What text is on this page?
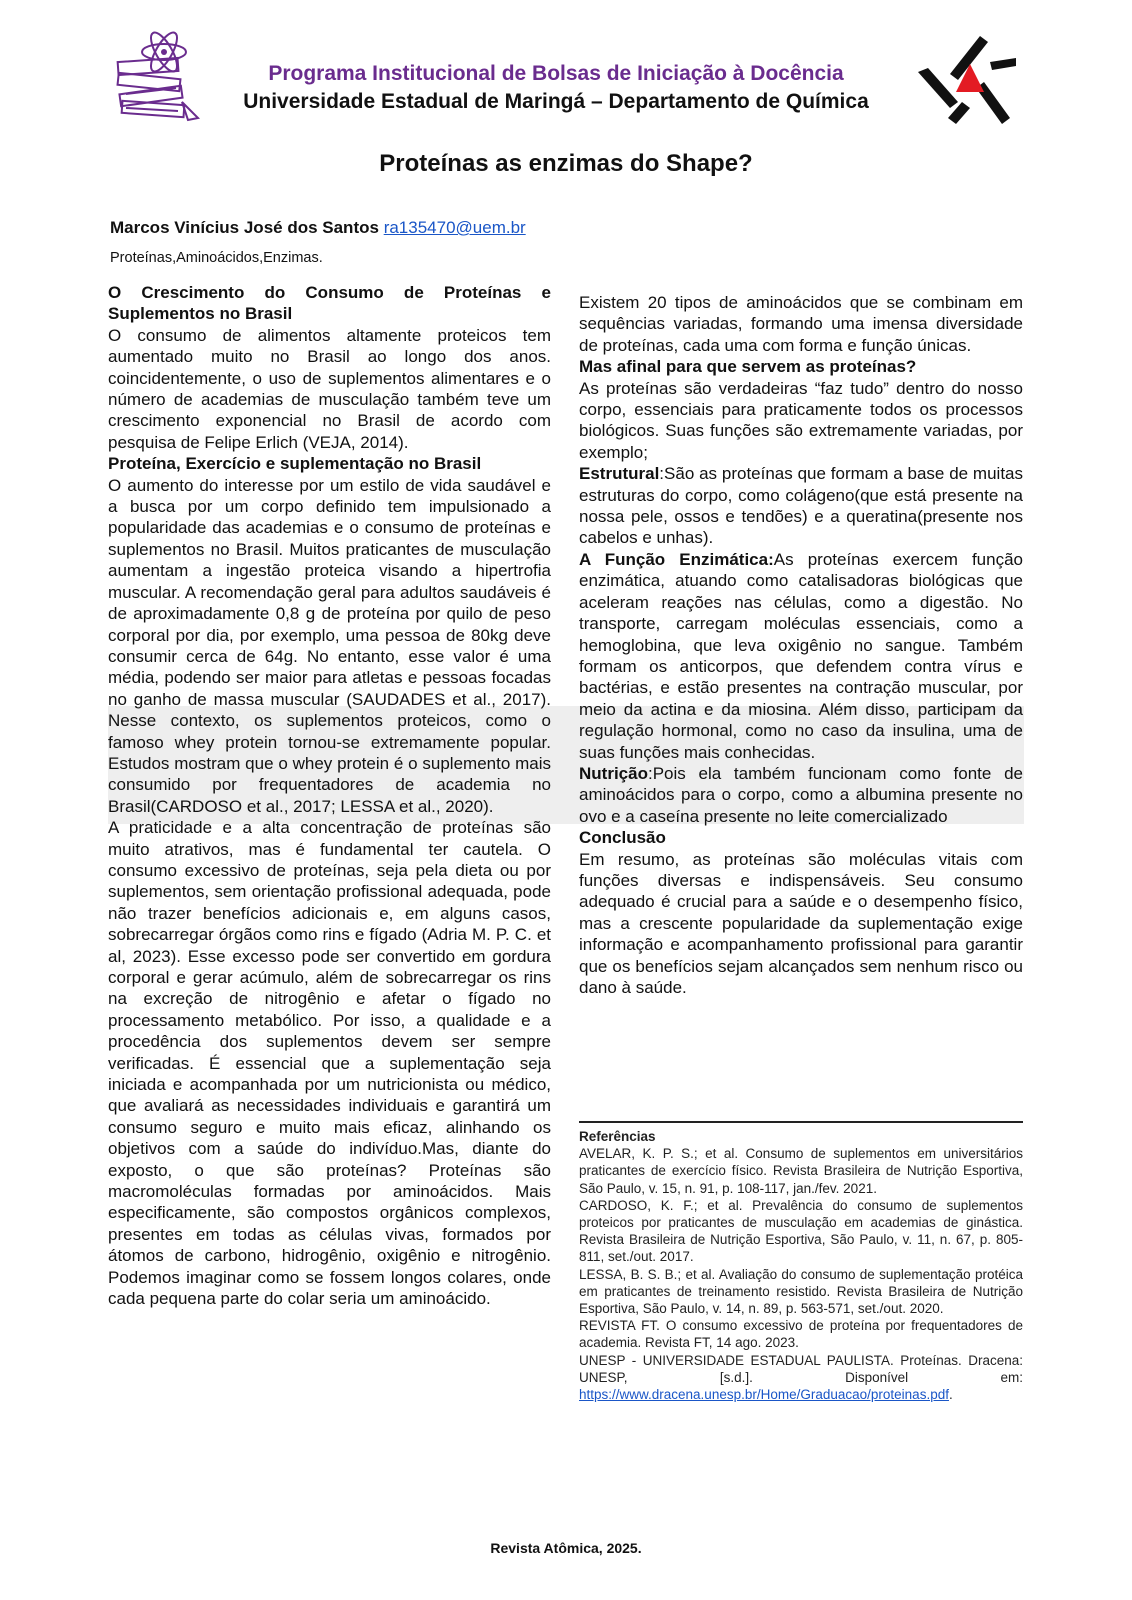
Programa Institucional de Bolsas de Iniciação à Docência
Universidade Estadual de Maringá – Departamento de Química
Proteínas as enzimas do Shape?
Marcos Vinícius José dos Santos ra135470@uem.br
Proteínas,Aminoácidos,Enzimas.

O Crescimento do Consumo de Proteínas e Suplementos no Brasil

O consumo de alimentos altamente proteicos tem aumentado muito no Brasil ao longo dos anos. coincidentemente, o uso de suplementos alimentares e o número de academias de musculação também teve um crescimento exponencial no Brasil de acordo com pesquisa de Felipe Erlich (VEJA, 2014).

Proteína, Exercício e suplementação no Brasil

O aumento do interesse por um estilo de vida saudável e a busca por um corpo definido tem impulsionado a popularidade das academias e o consumo de proteínas e suplementos no Brasil. Muitos praticantes de musculação aumentam a ingestão proteica visando a hipertrofia muscular. A recomendação geral para adultos saudáveis é de aproximadamente 0,8 g de proteína por quilo de peso corporal por dia, por exemplo, uma pessoa de 80kg deve consumir cerca de 64g. No entanto, esse valor é uma média, podendo ser maior para atletas e pessoas focadas no ganho de massa muscular (SAUDADES et al., 2017). Nesse contexto, os suplementos proteicos, como o famoso whey protein tornou-se extremamente popular. Estudos mostram que o whey protein é o suplemento mais consumido por frequentadores de academia no Brasil(CARDOSO et al., 2017; LESSA et al., 2020).

A praticidade e a alta concentração de proteínas são muito atrativos, mas é fundamental ter cautela. O consumo excessivo de proteínas, seja pela dieta ou por suplementos, sem orientação profissional adequada, pode não trazer benefícios adicionais e, em alguns casos, sobrecarregar órgãos como rins e fígado (Adria M. P. C. et al, 2023). Esse excesso pode ser convertido em gordura corporal e gerar acúmulo, além de sobrecarregar os rins na excreção de nitrogênio e afetar o fígado no processamento metabólico. Por isso, a qualidade e a procedência dos suplementos devem ser sempre verificadas. É essencial que a suplementação seja iniciada e acompanhada por um nutricionista ou médico, que avaliará as necessidades individuais e garantirá um consumo seguro e muito mais eficaz, alinhando os objetivos com a saúde do indivíduo.Mas, diante do exposto, o que são proteínas? Proteínas são macromoléculas formadas por aminoácidos. Mais especificamente, são compostos orgânicos complexos, presentes em todas as células vivas, formados por átomos de carbono, hidrogênio, oxigênio e nitrogênio. Podemos imaginar como se fossem longos colares, onde cada pequena parte do colar seria um aminoácido.

Existem 20 tipos de aminoácidos que se combinam em sequências variadas, formando uma imensa diversidade de proteínas, cada uma com forma e função únicas.

Mas afinal para que servem as proteínas?

As proteínas são verdadeiras “faz tudo” dentro do nosso corpo, essenciais para praticamente todos os processos biológicos. Suas funções são extremamente variadas, por exemplo;

Estrutural:São as proteínas que formam a base de muitas estruturas do corpo, como colágeno(que está presente na nossa pele, ossos e tendões) e a queratina(presente nos cabelos e unhas).

A Função Enzimática:As proteínas exercem função enzimática, atuando como catalisadoras biológicas que aceleram reações nas células, como a digestão. No transporte, carregam moléculas essenciais, como a hemoglobina, que leva oxigênio no sangue. Também formam os anticorpos, que defendem contra vírus e bactérias, e estão presentes na contração muscular, por meio da actina e da miosina. Além disso, participam da regulação hormonal, como no caso da insulina, uma de suas funções mais conhecidas.

Nutrição:Pois ela também funcionam como fonte de aminoácidos para o corpo, como a albumina presente no ovo e a caseína presente no leite comercializado

Conclusão

Em resumo, as proteínas são moléculas vitais com funções diversas e indispensáveis. Seu consumo adequado é crucial para a saúde e o desempenho físico, mas a crescente popularidade da suplementação exige informação e acompanhamento profissional para garantir que os benefícios sejam alcançados sem nenhum risco ou dano à saúde.

Referências

AVELAR, K. P. S.; et al. Consumo de suplementos em universitários praticantes de exercício físico. Revista Brasileira de Nutrição Esportiva, São Paulo, v. 15, n. 91, p. 108-117, jan./fev. 2021.

CARDOSO, K. F.; et al. Prevalência do consumo de suplementos proteicos por praticantes de musculação em academias de ginástica. Revista Brasileira de Nutrição Esportiva, São Paulo, v. 11, n. 67, p. 805-811, set./out. 2017.

LESSA, B. S. B.; et al. Avaliação do consumo de suplementação protéica em praticantes de treinamento resistido. Revista Brasileira de Nutrição Esportiva, São Paulo, v. 14, n. 89, p. 563-571, set./out. 2020.

REVISTA FT. O consumo excessivo de proteína por frequentadores de academia. Revista FT, 14 ago. 2023.

UNESP - UNIVERSIDADE ESTADUAL PAULISTA. Proteínas. Dracena: UNESP, [s.d.]. Disponível em: https://www.dracena.unesp.br/Home/Graduacao/proteinas.pdf.

Revista Atômica, 2025.
